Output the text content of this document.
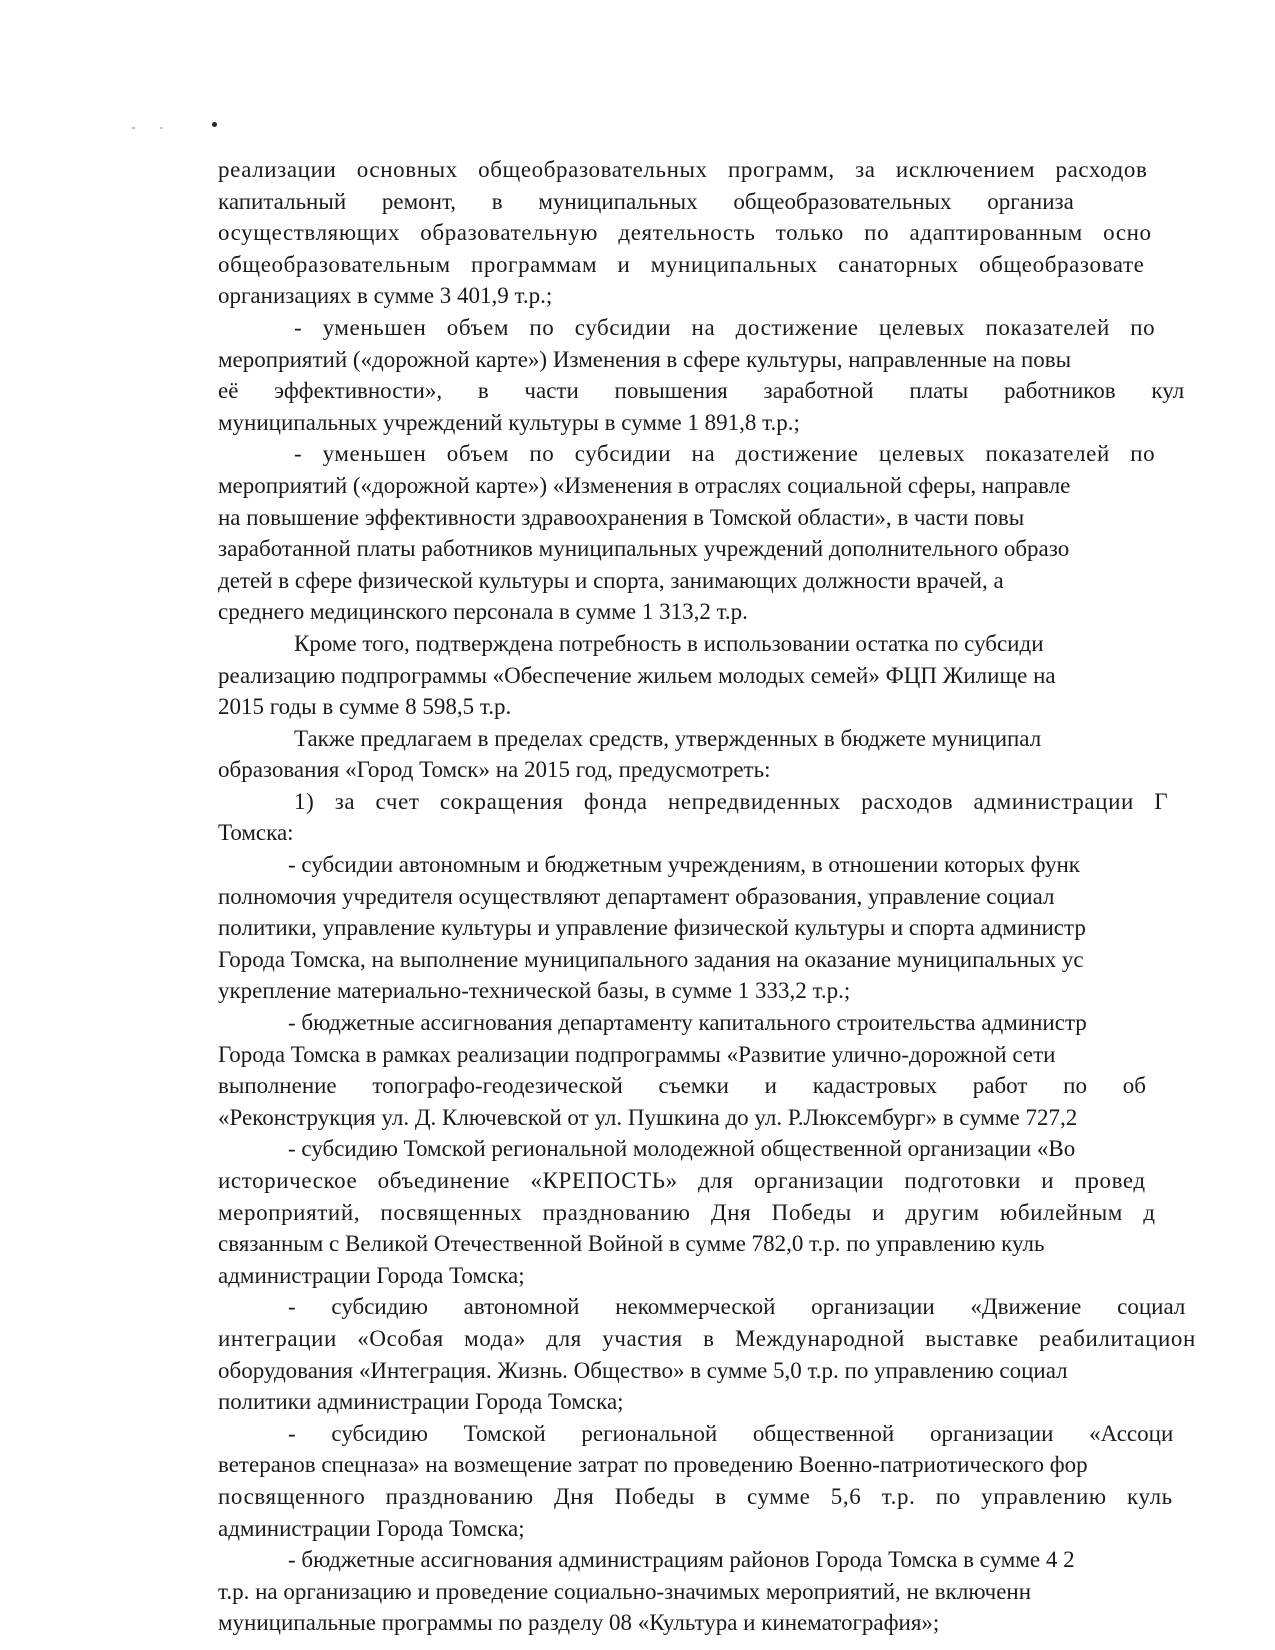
реализации основных общеобразовательных программ, за исключением расходов

капитальный ремонт, в муниципальных общеобразовательных организа

осуществляющих образовательную деятельность только по адаптированным осно

общеобразовательным программам и муниципальных санаторных общеобразовате

организациях в сумме 3 401,9 т.р.;

- уменьшен объем по субсидии на достижение целевых показателей по

мероприятий («дорожной карте») Изменения в сфере культуры, направленные на повы

её эффективности», в части повышения заработной платы работников кул

муниципальных учреждений культуры в сумме 1 891,8 т.р.;

- уменьшен объем по субсидии на достижение целевых показателей по

мероприятий («дорожной карте») «Изменения в отраслях социальной сферы, направле

на повышение эффективности здравоохранения в Томской области», в части повы

заработанной платы работников муниципальных учреждений дополнительного образо

детей в сфере физической культуры и спорта, занимающих должности врачей, а

среднего медицинского персонала в сумме 1 313,2 т.р.

Кроме того, подтверждена потребность в использовании остатка по субсиди

реализацию подпрограммы «Обеспечение жильем молодых семей» ФЦП Жилище на

2015 годы в сумме 8 598,5 т.р.

Также предлагаем в пределах средств, утвержденных в бюджете муниципал

образования «Город Томск» на 2015 год, предусмотреть:

1) за счет сокращения фонда непредвиденных расходов администрации Г

Томска:

- субсидии автономным и бюджетным учреждениям, в отношении которых функ

полномочия учредителя осуществляют департамент образования, управление социал

политики, управление культуры и управление физической культуры и спорта администр

Города Томска, на выполнение муниципального задания на оказание муниципальных ус

укрепление материально-технической базы, в сумме 1 333,2 т.р.;

- бюджетные ассигнования департаменту капитального строительства администр

Города Томска в рамках реализации подпрограммы «Развитие улично-дорожной сети

выполнение топографо-геодезической съемки и кадастровых работ по об

«Реконструкция ул. Д. Ключевской от ул. Пушкина до ул. Р.Люксембург» в сумме 727,2

- субсидию Томской региональной молодежной общественной организации «Во

историческое объединение «КРЕПОСТЬ» для организации подготовки и провед

мероприятий, посвященных празднованию Дня Победы и другим юбилейным д

связанным с Великой Отечественной Войной в сумме 782,0 т.р. по управлению куль

администрации Города Томска;

- субсидию автономной некоммерческой организации «Движение социал

интеграции «Особая мода» для участия в Международной выставке реабилитацион

оборудования «Интеграция. Жизнь. Общество» в сумме 5,0 т.р. по управлению социал

политики администрации Города Томска;

- субсидию Томской региональной общественной организации «Ассоци

ветеранов спецназа» на возмещение затрат по проведению Военно-патриотического фор

посвященного празднованию Дня Победы в сумме 5,6 т.р. по управлению куль

администрации Города Томска;

- бюджетные ассигнования администрациям районов Города Томска в сумме 4 2

т.р. на организацию и проведение социально-значимых мероприятий, не включенн

муниципальные программы по разделу 08 «Культура и кинематография»;
